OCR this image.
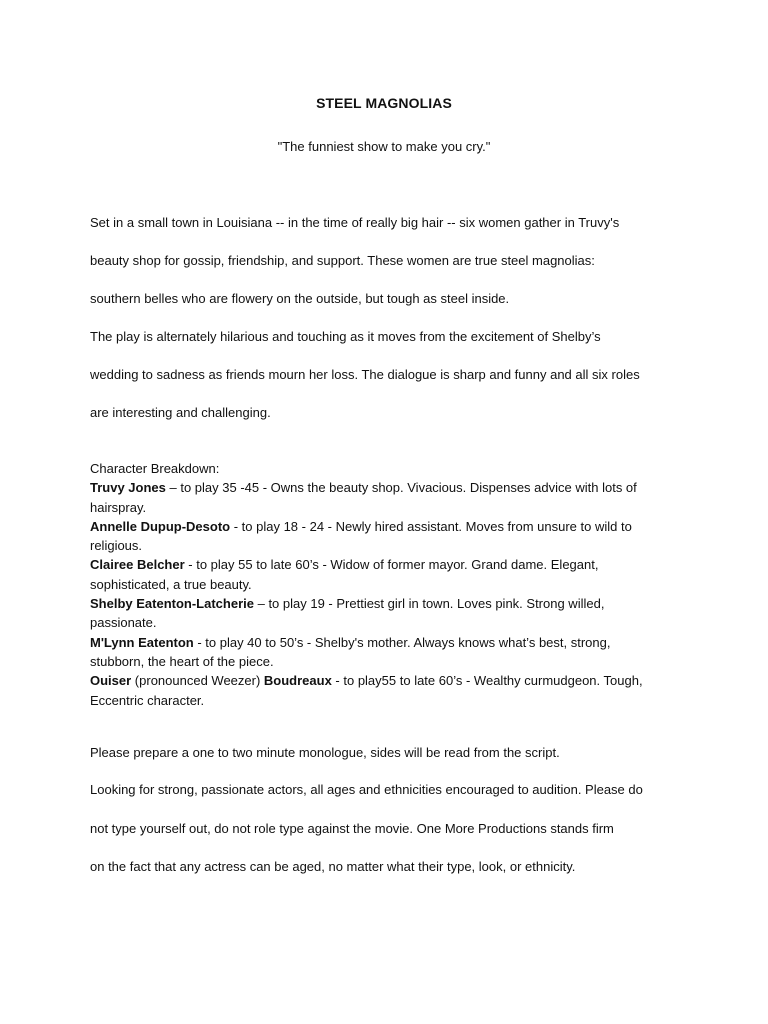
STEEL MAGNOLIAS
"The funniest show to make you cry."
Set in a small town in Louisiana -- in the time of really big hair -- six women gather in Truvy's
beauty shop for gossip, friendship, and support. These women are true steel magnolias:
southern belles who are flowery on the outside, but tough as steel inside.
The play is alternately hilarious and touching as it moves from the excitement of Shelby’s
wedding to sadness as friends mourn her loss. The dialogue is sharp and funny and all six roles
are interesting and challenging.
Character Breakdown:
Truvy Jones – to play 35 -45 - Owns the beauty shop. Vivacious. Dispenses advice with lots of
hairspray.
Annelle Dupup-Desoto - to play 18 - 24 - Newly hired assistant. Moves from unsure to wild to
religious.
Clairee Belcher - to play 55 to late 60’s - Widow of former mayor. Grand dame. Elegant,
sophisticated, a true beauty.
Shelby Eatenton-Latcherie – to play 19 - Prettiest girl in town. Loves pink. Strong willed,
passionate.
M'Lynn Eatenton - to play 40 to 50’s - Shelby's mother. Always knows what’s best, strong,
stubborn, the heart of the piece.
Ouiser (pronounced Weezer) Boudreaux - to play55 to late 60’s - Wealthy curmudgeon. Tough,
Eccentric character.
Please prepare a one to two minute monologue, sides will be read from the script.
Looking for strong, passionate actors, all ages and ethnicities encouraged to audition. Please do
not type yourself out, do not role type against the movie. One More Productions stands firm
on the fact that any actress can be aged, no matter what their type, look, or ethnicity.
